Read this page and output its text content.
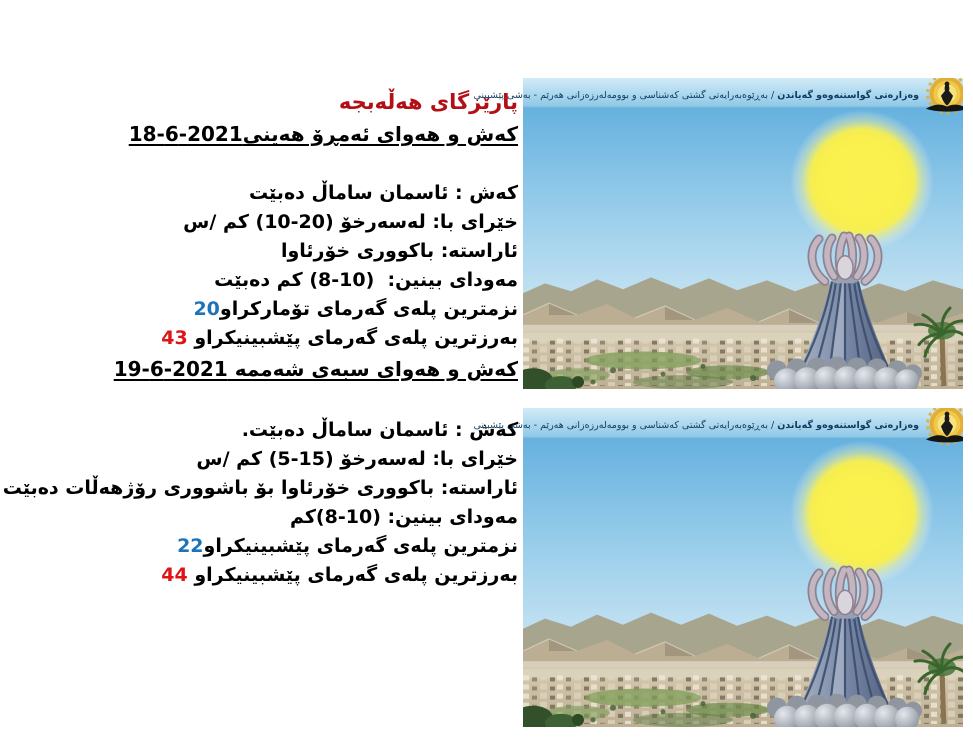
پارێزگای هەڵەبجە
کەش و هەوای ئەمڕۆ هەینی2021-6-18
کەش : ئاسمان ساماڵ دەبێت
خێرای با: لەسەرخۆ (20-10) کم /س
ئاراستە: باکووری خۆرئاوا
مەودای بینین:  (10-8) کم دەبێت
نزمترین پلەی گەرمای تۆمارکراو20
بەرزترین پلەی گەرمای پێشبینیکراو 43
کەش و هەوای سبەی شەممە 2021-6-19
کەش : ئاسمان ساماڵ دەبێت.
خێرای با: لەسەرخۆ (15-5) کم /س
ئاراستە: باکووری خۆرئاوا بۆ باشووری رۆژهەڵات دەبێت
مەودای بینین: (10-8)کم
نزمترین پلەی گەرمای پێشبینیکراو22
بەرزترین پلەی گەرمای پێشبینیکراو 44
وەزارەتی گواستنەوەو گەیاندن / بەڕێوەبەرایەتی گشتی کەشناسی و بوومەلەرزەزانی هەرێم - بەشی پێشبینی
وەزارەتی گواستنەوەو گەیاندن / بەڕێوەبەرایەتی گشتی کەشناسی و بوومەلەرزەزانی هەرێم - بەشی پێشبینی
